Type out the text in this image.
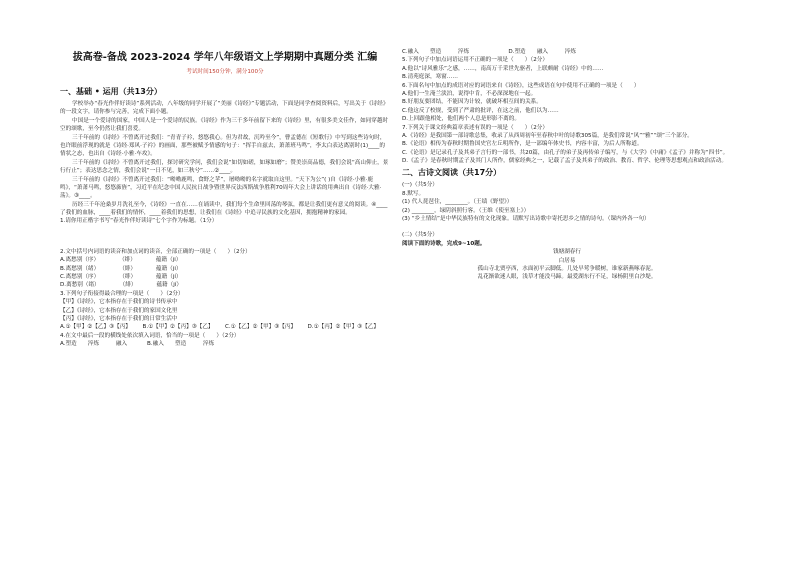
拔高卷-备战 2023-2024 学年八年级语文上学期期中真题分类 汇编
考试时间150分钟，满分100分
一、基础 • 运用（共13分）

学校举办“春光作伴好读诗”系列活动，八年级的同学开展了“美丽《诗经》”专题活动，下面是同学查阅资料后，写出关于《诗经》的一段文字，请你参与完善，完成下面小题。

中国是一个爱诗的国家，中国人是一个爱诗的民族。《诗经》作为三千多年前留下来的《诗经》里，有很多美文佳作，如同穿越时空的颂歌，至今仍然让我们喜爱。

三千年前的《诗经》不曾离开过我们：“青青子衿，悠悠我心。但为君故，沉吟至今”，曹孟德在《短歌行》中写到这些诗句时，也许眼前浮现的就是《诗经·郑风·子衿》的画面，那些被赋予情感的句子：“挥手自兹去，萧萧班马鸣”，李太白表达离别时(1)____的情状之态，也出自《诗经·小雅·车攻》。

三千年前的《诗经》不曾离开过我们，探讨研究学问，我们会说“如切如磋，如琢如磨”；赞美崇高品德，我们会说“高山仰止，景行行止”；表达思念之情，我们会说“一日不见，如三秋兮”……②____。

三千年前的《诗经》不曾离开过我们：“呦呦鹿鸣，食野之苹”，屠呦呦的名字就取自这里。“天下为公”( )自《诗经·小雅·鹿鸣》，“萧萧马鸣，悠悠旆旌”，习近平在纪念中国人民抗日战争暨世界反法西斯战争胜利70周年大会上讲话的用典出自《诗经·大雅·荡》。③____。

历经三千年沧桑岁月洗礼至今，《诗经》一直在……在诵读中，我们每个生命里回荡的琴弦，都是让我们更有意义的阅读。④____了我们的血脉，____着我们的情怀，____着我们的思想，让我们在《诗经》中追寻民族的文化基因，拥抱精神的家园。

1.请你用正楷字书写“春光作伴好读诗”七个字作为标题。（1分）

2.文中括号内词语的读音和加点词的读音，全部正确的一项是（　　）（2分）

A.离愁别（序）	（绯）	蕴籍（ji）
B.离愁别（绪）	（緋）	蕴籍（ji）
C.离愁别（序）	（绯）	蕴籍（jí）
D.离愁别（绪）	（緋）	蕴籍（jí）

3.下列句子衔接得最合理的一项是（　　）（2分）

【甲】《诗经》，它本指存在于我们的诗书传承中

【乙】《诗经》，它本指存在于我们的家国文化里

【丙】《诗经》，它本指存在于我们的日常生活中

A.①【甲】②【乙】③【丙】	B.①【甲】②【丙】③【乙】	C.①【乙】②【甲】③【丙】	D.①【丙】②【甲】③【乙】

4.在文中最后一段的横线处依次填入词语，恰当的一项是（　　）（2分）

A.塑造　　淬炼　　　融入	B.融入　　塑造　　　淬炼

C.融入　　塑造　　　淬炼　　　　　　　D.塑造　　融入　　　淬炼

5.下列句子中加点词语运用不正确的一项是（　　）（2分）

A.他以“诗风雅乐”之感，……，南高万千采世先驱者，上联颇耐《诗经》中的……

B.清苑庭深，寒窗……

6.下面名句中加点的成语对应的词语来自《诗经》，这些成语在句中使用不正确的一项是（　　）

A.他们一生淹兰淡泊，说得中肯，不必深深地在一起。

B.好朋友要团结，不能因为计较，就破坏相互间的关系。

C.他这反了校规，受到了严肃的批评，在这之前，他们以为……

D.上回跟他相处，他们两个人总是形影不离的。

7.下列关于课文经典篇章表述有误的一项是（　　）（2分）

A.《诗经》是我国第一部诗歌总集，收录了从西周初年至春秋中叶的诗歌305篇，是我们常说“风”“雅”“颂”三个部分。

B.《论语》相传为春秋时期鲁国史官左丘明所作，是一部编年体史书，内容丰富，为后人所称道。

C.《论语》是记录孔子及其弟子言行的一部书，共20篇，由孔子的弟子及再传弟子编写，与《大学》《中庸》《孟子》并称为“四书”。

D.《孟子》是春秋时期孟子及其门人所作，儒家经典之一，记载了孟子及其弟子的政治、教育、哲学、伦理等思想观点和政治活动。

二、古诗文阅读（共17分）

(一)（共5分）

8.默写。

(1) 代人琵琶住，________。（王绩《野望》）

(2) ________，绿阴斜照行客。（王维《使至塞上》）

(3) “乡土情结”是中华民族特有的文化现象。请默写出诗歌中寄托思乡之情的诗句。（课内外各一句）

(二)（共5分）

阅读下面的诗歌，完成9~10题。

钱塘湖春行

白居易

孤山寺北贾亭西，水面初平云脚低。几处早莺争暖树，谁家新燕啄春泥。

乱花渐欲迷人眼，浅草才能没马蹄。最爱湖东行不足，绿杨阴里白沙堤。
